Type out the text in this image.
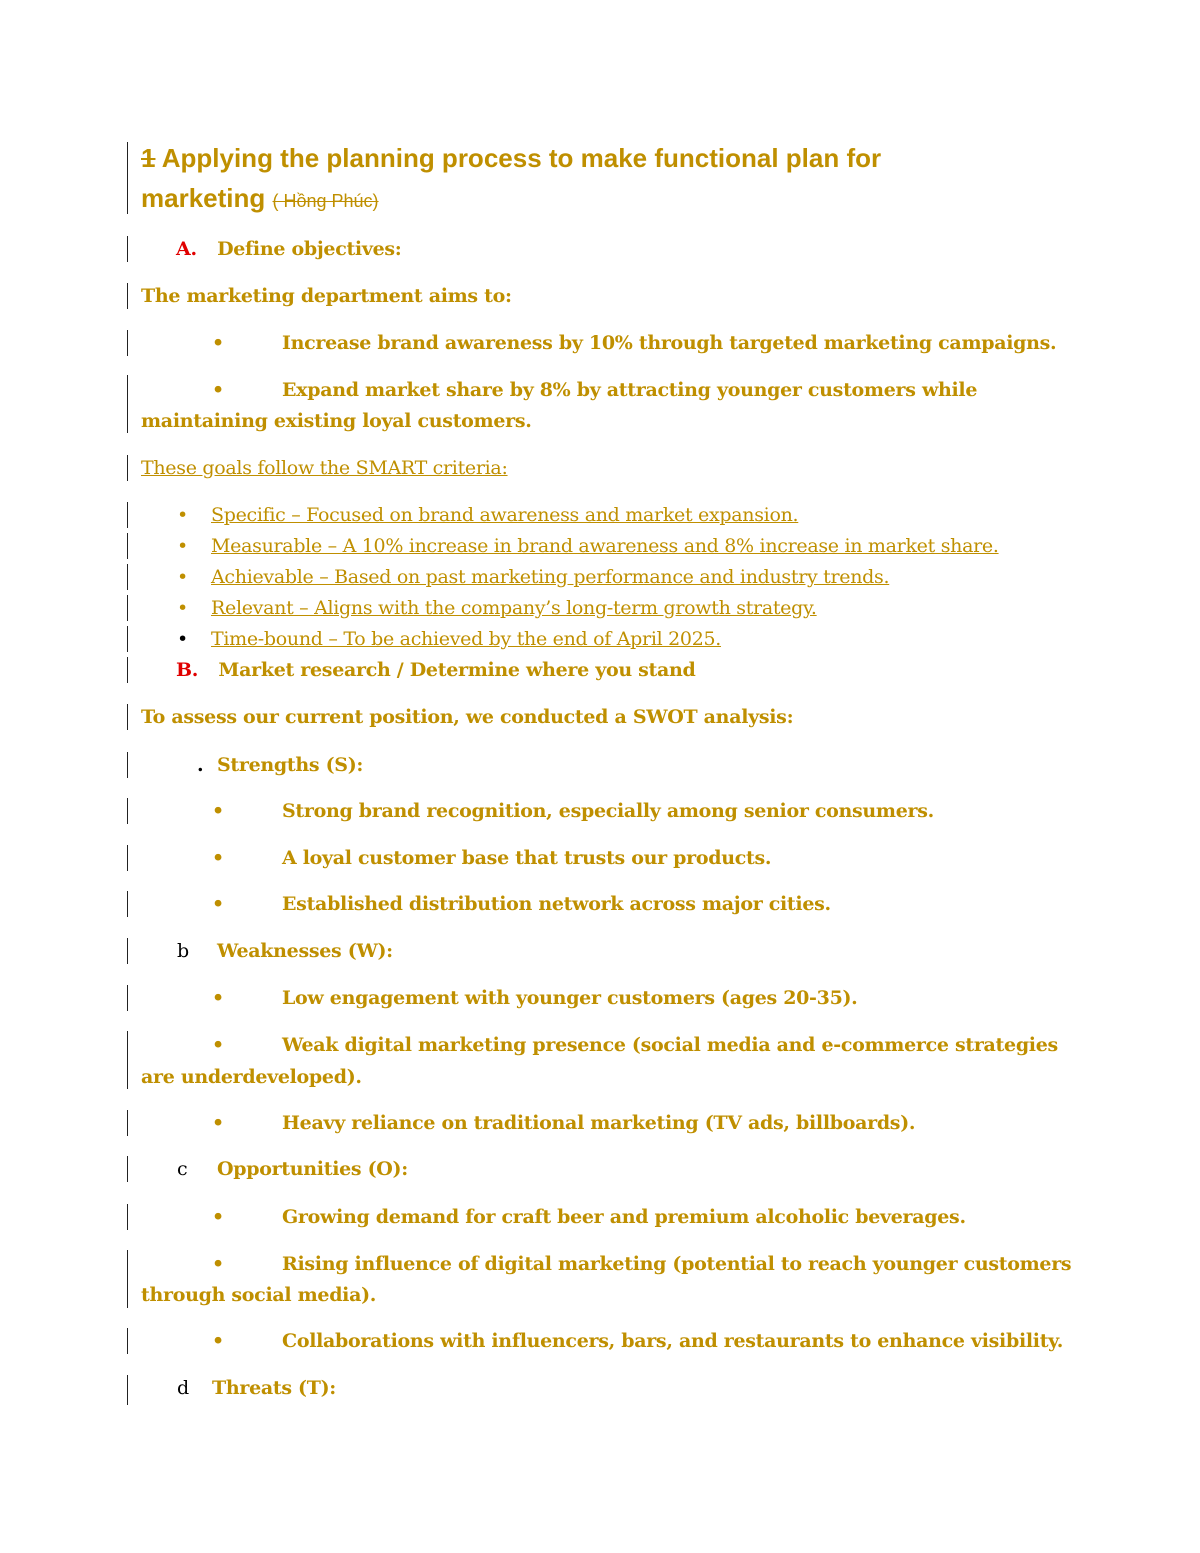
1 Applying the planning process to make functional plan for
marketing ( Hồng Phúc)
A. Define objectives:
The marketing department aims to:
•	Increase brand awareness by 10% through targeted marketing campaigns.
•	Expand market share by 8% by attracting younger customers while
maintaining existing loyal customers.
These goals follow the SMART criteria:
• Specific – Focused on brand awareness and market expansion.
• Measurable – A 10% increase in brand awareness and 8% increase in market share.
• Achievable – Based on past marketing performance and industry trends.
• Relevant – Aligns with the company’s long-term growth strategy.
• Time-bound – To be achieved by the end of April 2025.
B. Market research / Determine where you stand
To assess our current position, we conducted a SWOT analysis:
. Strengths (S):
•	Strong brand recognition, especially among senior consumers.
•	A loyal customer base that trusts our products.
•	Established distribution network across major cities.
b Weaknesses (W):
•	Low engagement with younger customers (ages 20-35).
•	Weak digital marketing presence (social media and e-commerce strategies
are underdeveloped).
•	Heavy reliance on traditional marketing (TV ads, billboards).
c Opportunities (O):
•	Growing demand for craft beer and premium alcoholic beverages.
•	Rising influence of digital marketing (potential to reach younger customers
through social media).
•	Collaborations with influencers, bars, and restaurants to enhance visibility.
d Threats (T):
